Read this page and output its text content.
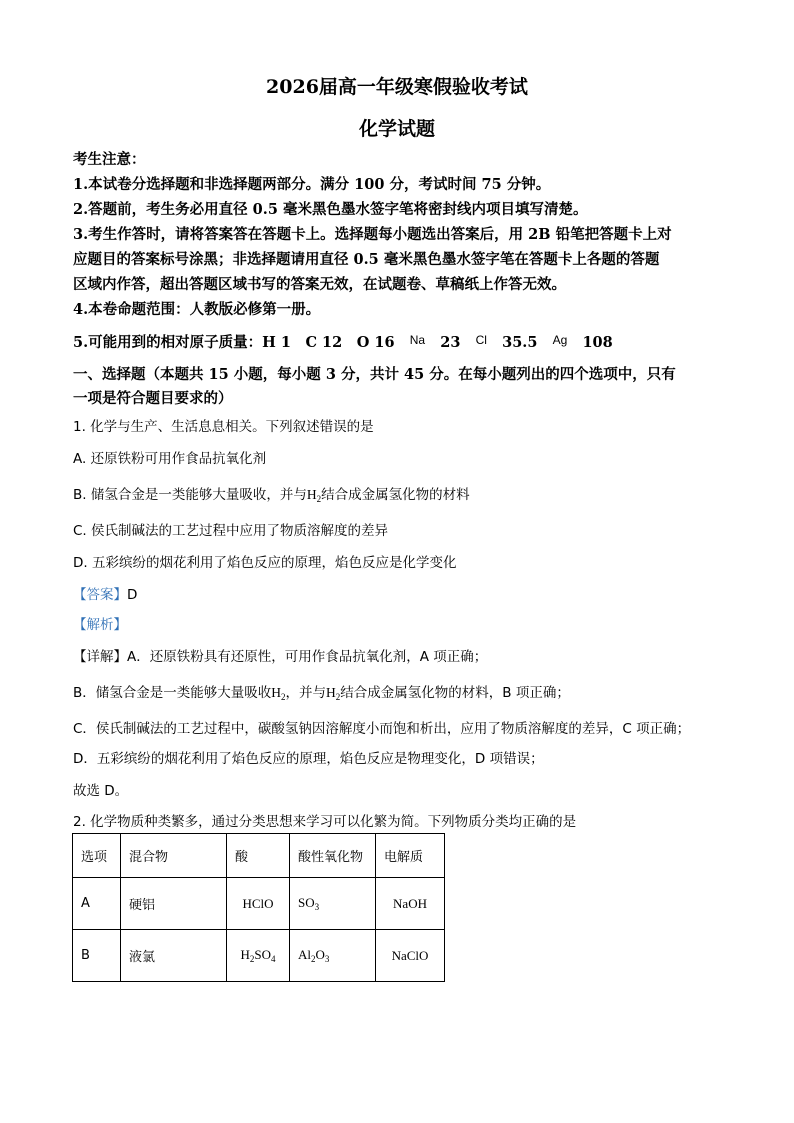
2026届高一年级寒假验收考试
化学试题
考生注意：
1.本试卷分选择题和非选择题两部分。满分 100 分，考试时间 75 分钟。
2.答题前，考生务必用直径 0.5 毫米黑色墨水签字笔将密封线内项目填写清楚。
3.考生作答时，请将答案答在答题卡上。选择题每小题选出答案后，用 2B 铅笔把答题卡上对
应题目的答案标号涂黑；非选择题请用直径 0.5 毫米黑色墨水签字笔在答题卡上各题的答题
区域内作答，超出答题区域书写的答案无效，在试题卷、草稿纸上作答无效。
4.本卷命题范围：人教版必修第一册。
5.可能用到的相对原子质量：H 1　C 12　O 16 $^{Na}$ 23 $^{Cl}$ 35.5 $^{Ag}$ 108
一、选择题（本题共 15 小题，每小题 3 分，共计 45 分。在每小题列出的四个选项中，只有
一项是符合题目要求的）
1. 化学与生产、生活息息相关。下列叙述错误的是
A. 还原铁粉可用作食品抗氧化剂
B. 储氢合金是一类能够大量吸收，并与$H_2$结合成金属氢化物的材料
C. 侯氏制碱法的工艺过程中应用了物质溶解度的差异
D. 五彩缤纷的烟花利用了焰色反应的原理，焰色反应是化学变化
【答案】D
【解析】
【详解】A．还原铁粉具有还原性，可用作食品抗氧化剂，A 项正确；
B．储氢合金是一类能够大量吸收$H_2$，并与$H_2$结合成金属氢化物的材料，B 项正确；
C．侯氏制碱法的工艺过程中，碳酸氢钠因溶解度小而饱和析出，应用了物质溶解度的差异，C 项正确；
D．五彩缤纷的烟花利用了焰色反应的原理，焰色反应是物理变化，D 项错误；
故选 D。
2. 化学物质种类繁多，通过分类思想来学习可以化繁为简。下列物质分类均正确的是
选项	混合物	酸	酸性氧化物	电解质
A	硬铝	HClO	$SO_3$	NaOH
B	液氯	$H_2SO_4$	$Al_2O_3$	NaClO
